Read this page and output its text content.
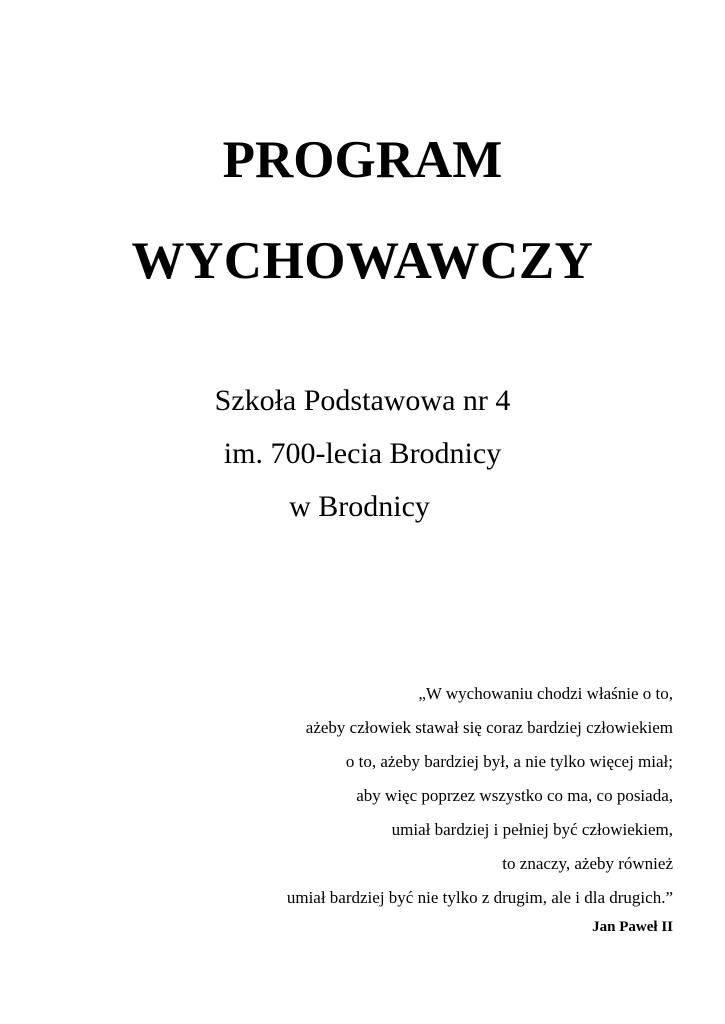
PROGRAM
WYCHOWAWCZY
Szkoła Podstawowa nr 4
im. 700-lecia Brodnicy
w Brodnicy
„W wychowaniu chodzi właśnie o to,
ażeby człowiek stawał się coraz bardziej człowiekiem
o to, ażeby bardziej był, a nie tylko więcej miał;
aby więc poprzez wszystko co ma, co posiada,
umiał bardziej i pełniej być człowiekiem,
to znaczy, ażeby również
umiał bardziej być nie tylko z drugim, ale i dla drugich.”
Jan Paweł II
